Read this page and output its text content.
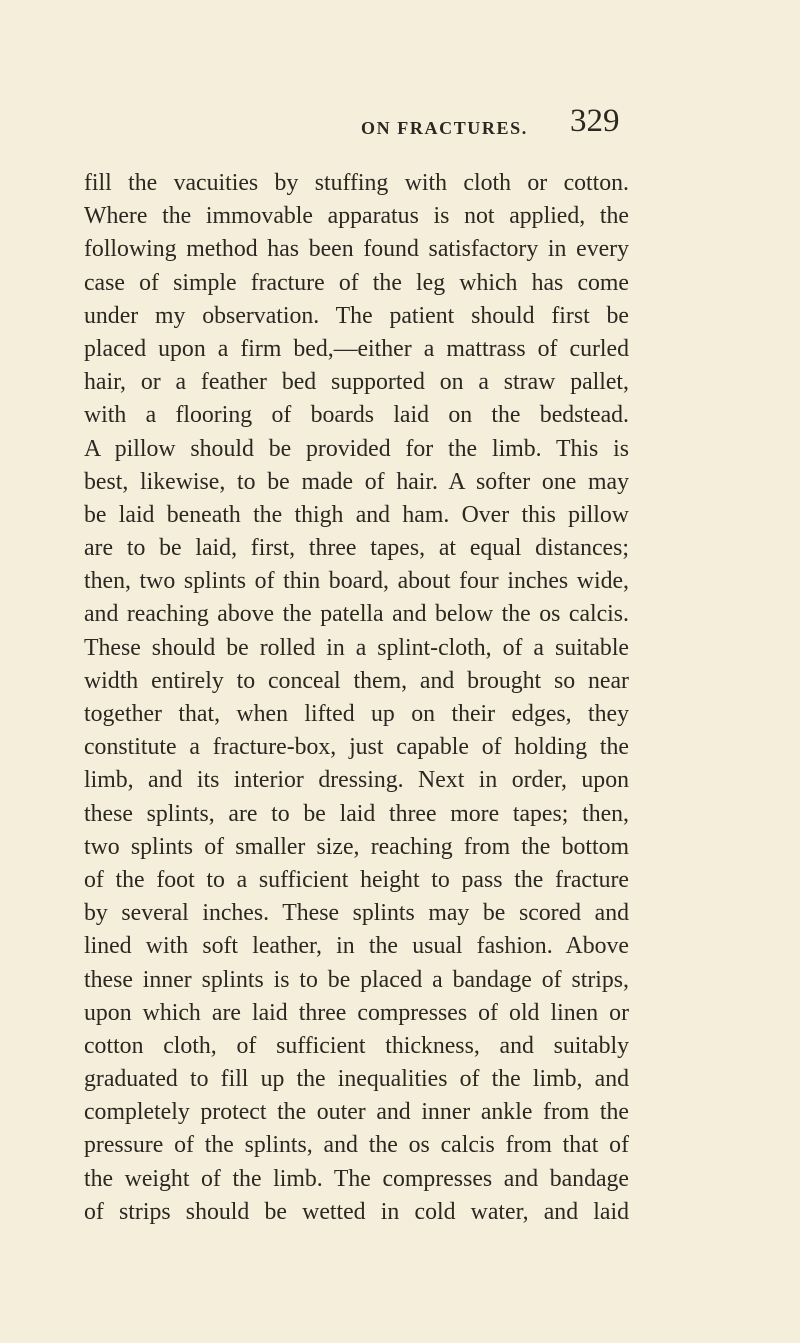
ON FRACTURES. 329

fill the vacuities by stuffing with cloth or cotton.
Where the immovable apparatus is not applied, the
following method has been found satisfactory in every
case of simple fracture of the leg which has come
under my observation. The patient should first be
placed upon a firm bed,—either a mattrass of curled
hair, or a feather bed supported on a straw pallet,
with a flooring of boards laid on the bedstead.
A pillow should be provided for the limb. This is
best, likewise, to be made of hair. A softer one may
be laid beneath the thigh and ham. Over this pillow
are to be laid, first, three tapes, at equal distances;
then, two splints of thin board, about four inches wide,
and reaching above the patella and below the os calcis.
These should be rolled in a splint-cloth, of a suitable
width entirely to conceal them, and brought so near
together that, when lifted up on their edges, they
constitute a fracture-box, just capable of holding the
limb, and its interior dressing. Next in order, upon
these splints, are to be laid three more tapes; then,
two splints of smaller size, reaching from the bottom
of the foot to a sufficient height to pass the fracture
by several inches. These splints may be scored and
lined with soft leather, in the usual fashion. Above
these inner splints is to be placed a bandage of strips,
upon which are laid three compresses of old linen or
cotton cloth, of sufficient thickness, and suitably
graduated to fill up the inequalities of the limb, and
completely protect the outer and inner ankle from the
pressure of the splints, and the os calcis from that of
the weight of the limb. The compresses and bandage
of strips should be wetted in cold water, and laid
